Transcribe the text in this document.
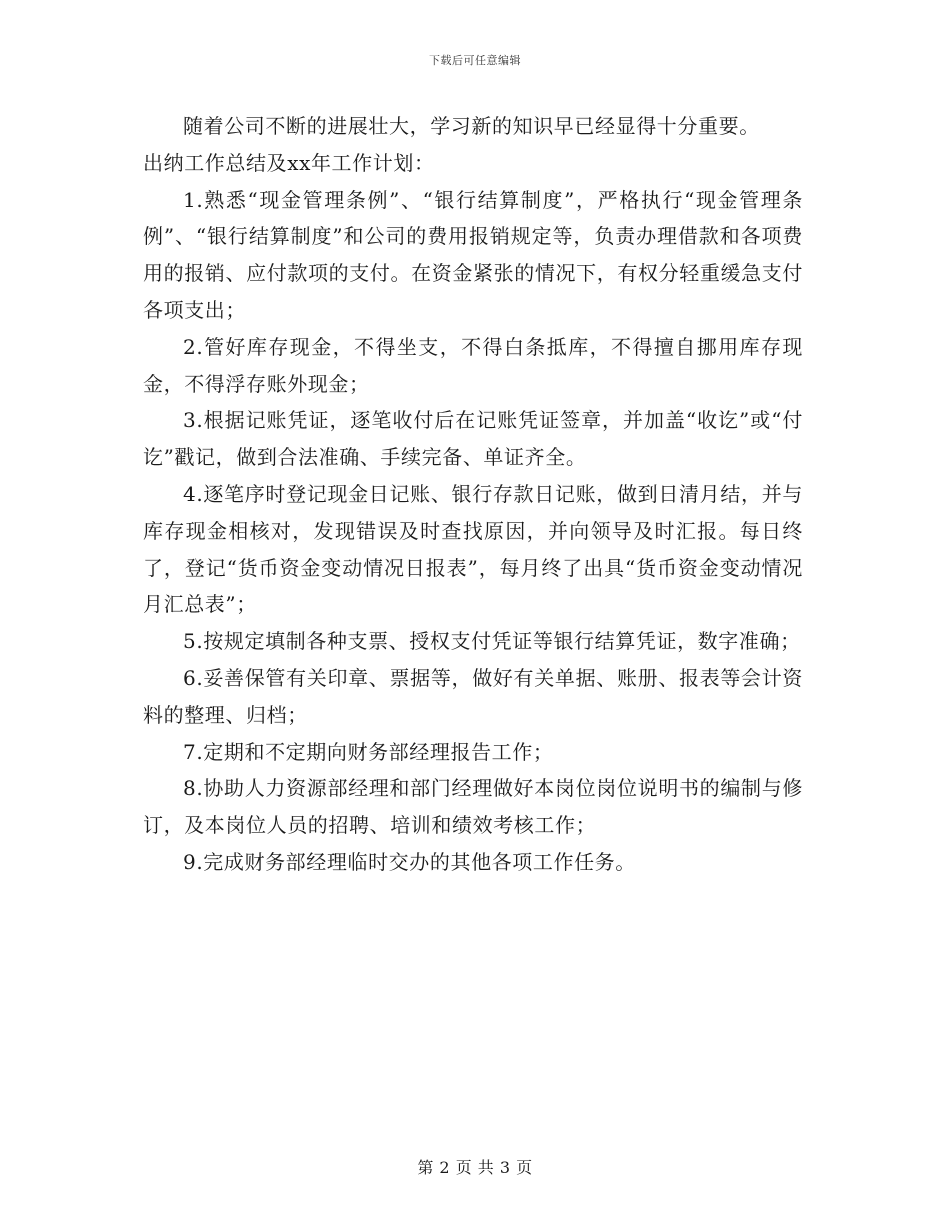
下载后可任意编辑

随着公司不断的进展壮大，学习新的知识早已经显得十分重要。

出纳工作总结及xx年工作计划：

1.熟悉“现金管理条例”、“银行结算制度”，严格执行“现金管理条例”、“银行结算制度”和公司的费用报销规定等，负责办理借款和各项费用的报销、应付款项的支付。在资金紧张的情况下，有权分轻重缓急支付各项支出；

2.管好库存现金，不得坐支，不得白条抵库，不得擅自挪用库存现金，不得浮存账外现金；

3.根据记账凭证，逐笔收付后在记账凭证签章，并加盖“收讫”或“付讫”戳记，做到合法准确、手续完备、单证齐全。

4.逐笔序时登记现金日记账、银行存款日记账，做到日清月结，并与库存现金相核对，发现错误及时查找原因，并向领导及时汇报。每日终了，登记“货币资金变动情况日报表”，每月终了出具“货币资金变动情况月汇总表”；

5.按规定填制各种支票、授权支付凭证等银行结算凭证，数字准确；

6.妥善保管有关印章、票据等，做好有关单据、账册、报表等会计资料的整理、归档；

7.定期和不定期向财务部经理报告工作；

8.协助人力资源部经理和部门经理做好本岗位岗位说明书的编制与修订，及本岗位人员的招聘、培训和绩效考核工作；

9.完成财务部经理临时交办的其他各项工作任务。

第 2 页 共 3 页
